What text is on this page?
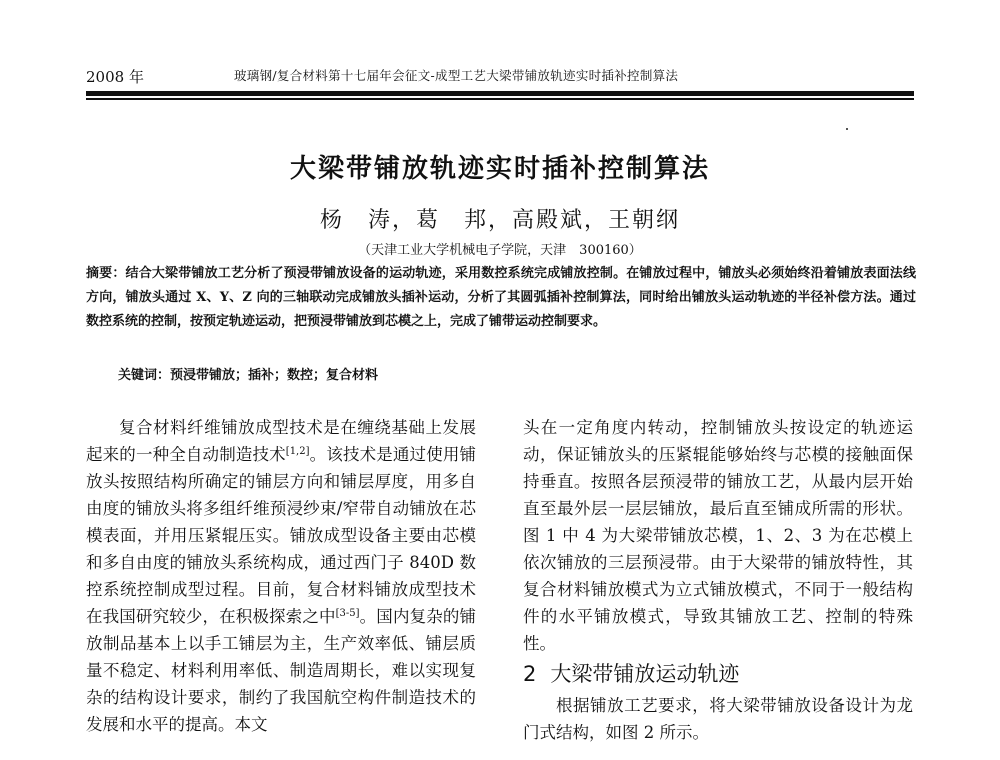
2008 年	玻璃钢/复合材料第十七届年会征文-成型工艺大梁带铺放轨迹实时插补控制算法
大梁带铺放轨迹实时插补控制算法
杨　涛，葛　邦，高殿斌，王朝纲
（天津工业大学机械电子学院，天津　300160）
摘要：结合大梁带铺放工艺分析了预浸带铺放设备的运动轨迹，采用数控系统完成铺放控制。在铺放过程中，铺放头必须始终沿着铺放表面法线方向，铺放头通过 X、Y、Z 向的三轴联动完成铺放头插补运动，分析了其圆弧插补控制算法，同时给出铺放头运动轨迹的半径补偿方法。通过数控系统的控制，按预定轨迹运动，把预浸带铺放到芯模之上，完成了铺带运动控制要求。
关键词：预浸带铺放；插补；数控；复合材料

复合材料纤维铺放成型技术是在缠绕基础上发展起来的一种全自动制造技术[1,2]。该技术是通过使用铺放头按照结构所确定的铺层方向和铺层厚度，用多自由度的铺放头将多组纤维预浸纱束/窄带自动铺放在芯模表面，并用压紧辊压实。铺放成型设备主要由芯模和多自由度的铺放头系统构成，通过西门子 840D 数控系统控制成型过程。目前，复合材料铺放成型技术在我国研究较少，在积极探索之中[3-5]。国内复杂的铺放制品基本上以手工铺层为主，生产效率低、铺层质量不稳定、材料利用率低、制造周期长，难以实现复杂的结构设计要求，制约了我国航空构件制造技术的发展和水平的提高。本文

头在一定角度内转动，控制铺放头按设定的轨迹运动，保证铺放头的压紧辊能够始终与芯模的接触面保持垂直。按照各层预浸带的铺放工艺，从最内层开始直至最外层一层层铺放，最后直至铺成所需的形状。图 1 中 4 为大梁带铺放芯模，1、2、3 为在芯模上依次铺放的三层预浸带。由于大梁带的铺放特性，其复合材料铺放模式为立式铺放模式，不同于一般结构件的水平铺放模式，导致其铺放工艺、控制的特殊性。

2 大梁带铺放运动轨迹

根据铺放工艺要求，将大梁带铺放设备设计为龙门式结构，如图 2 所示。
